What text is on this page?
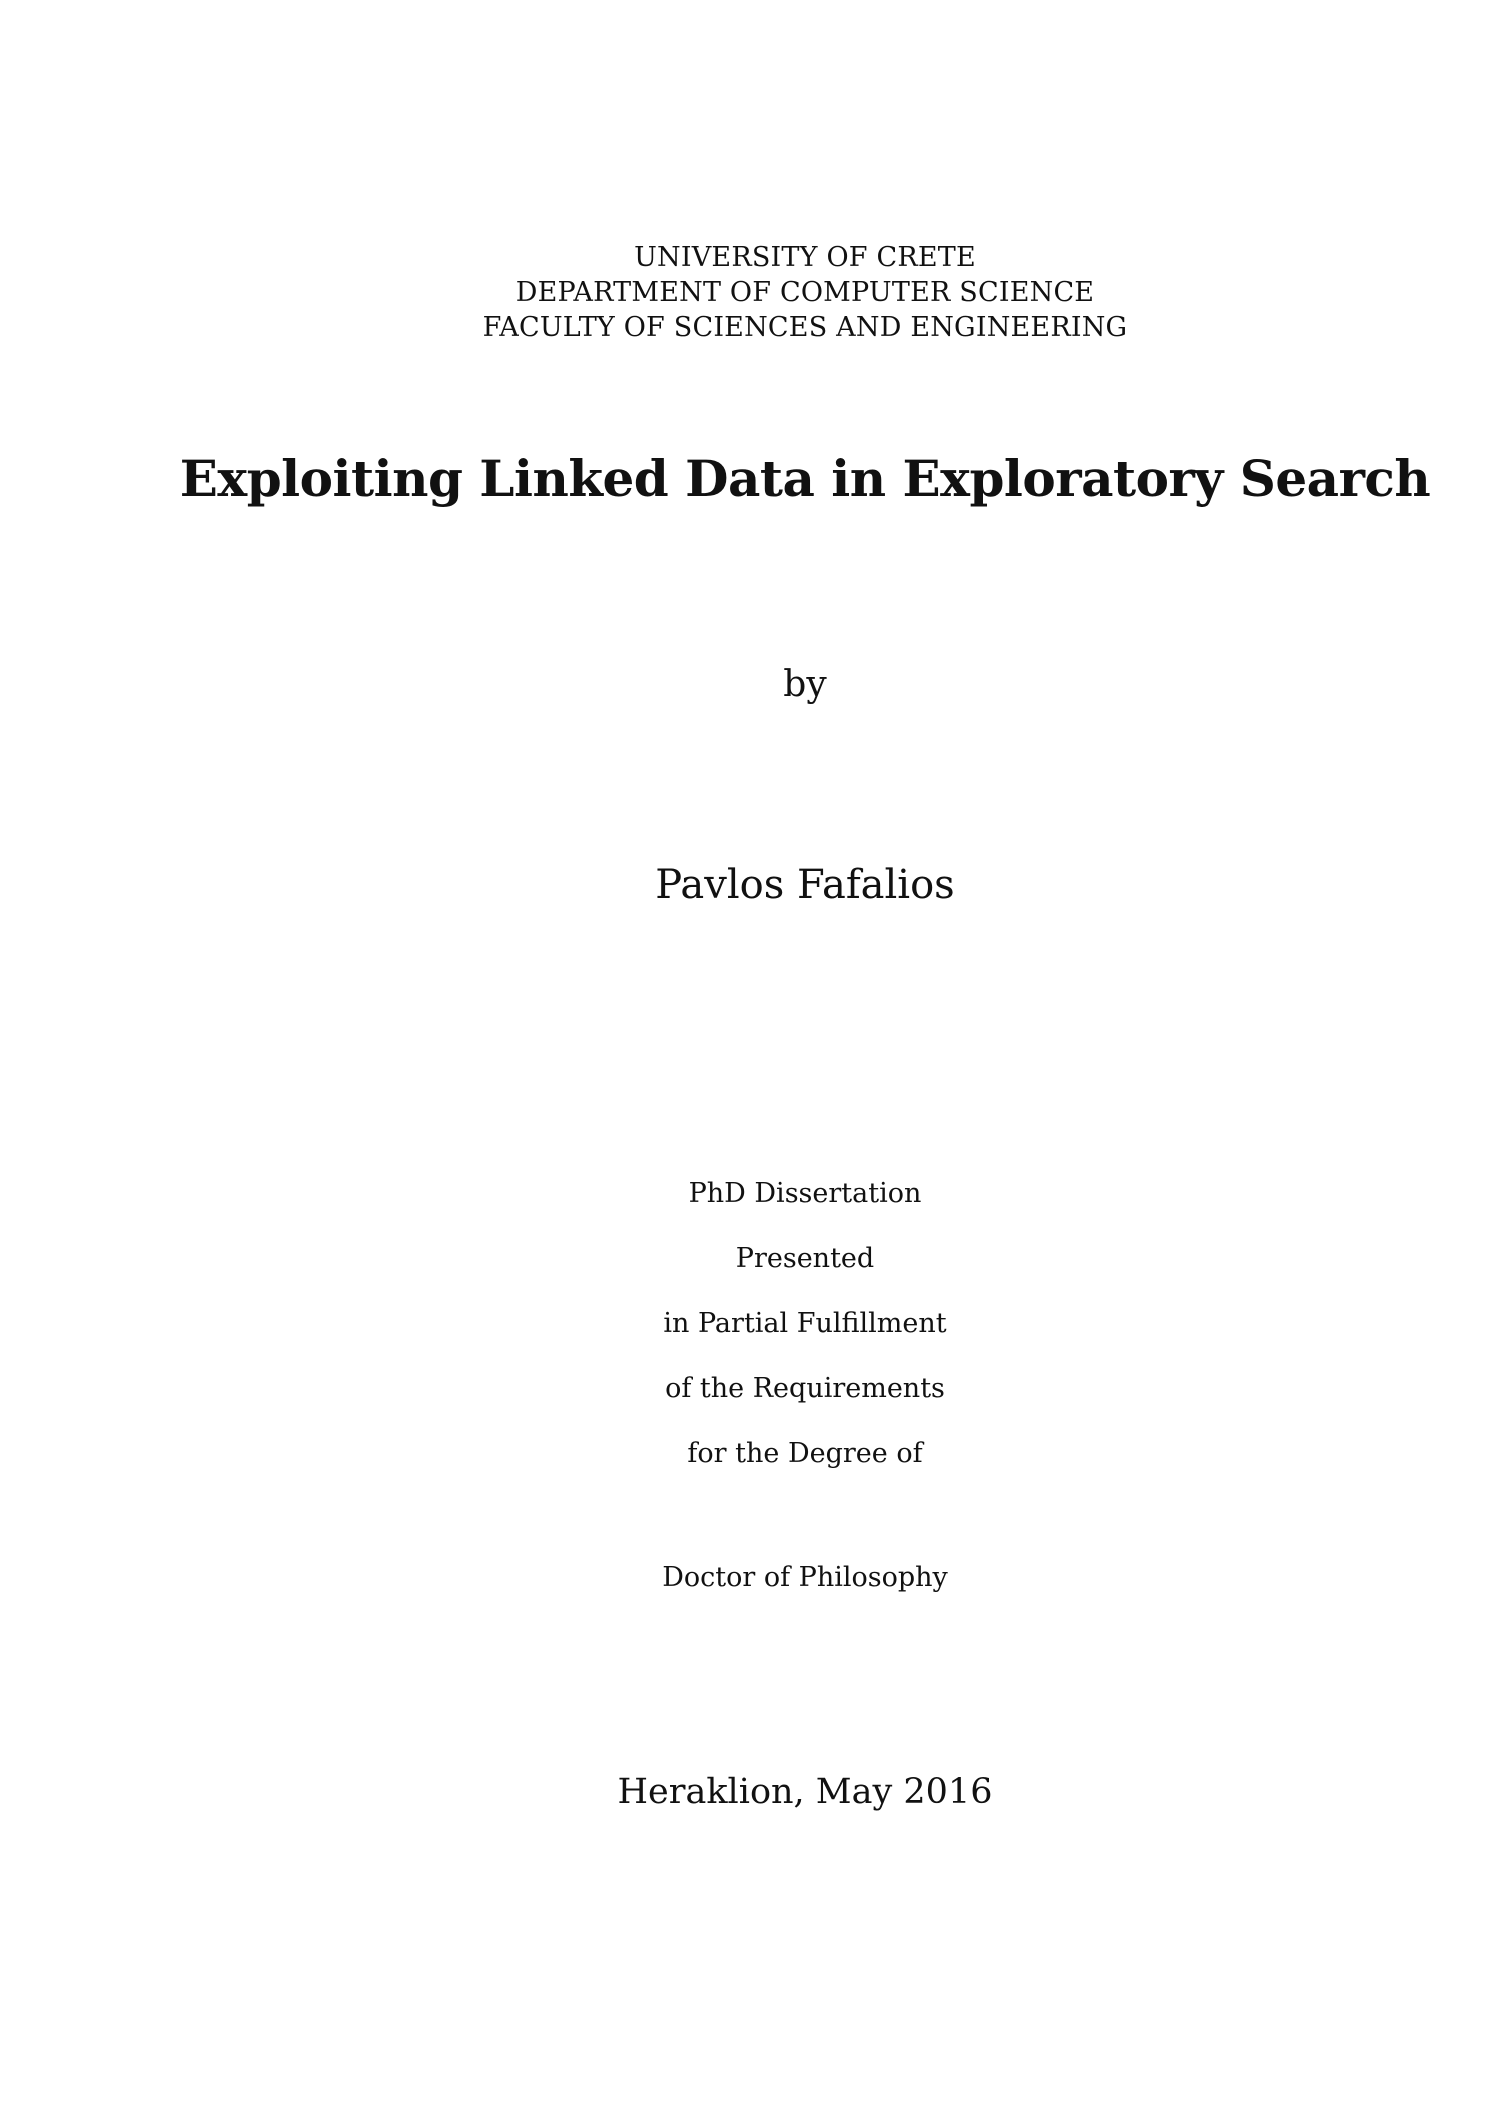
UNIVERSITY OF CRETE
DEPARTMENT OF COMPUTER SCIENCE
FACULTY OF SCIENCES AND ENGINEERING
Exploiting Linked Data in Exploratory Search
by
Pavlos Fafalios
PhD Dissertation
Presented
in Partial Fulfillment
of the Requirements
for the Degree of
Doctor of Philosophy
Heraklion, May 2016
